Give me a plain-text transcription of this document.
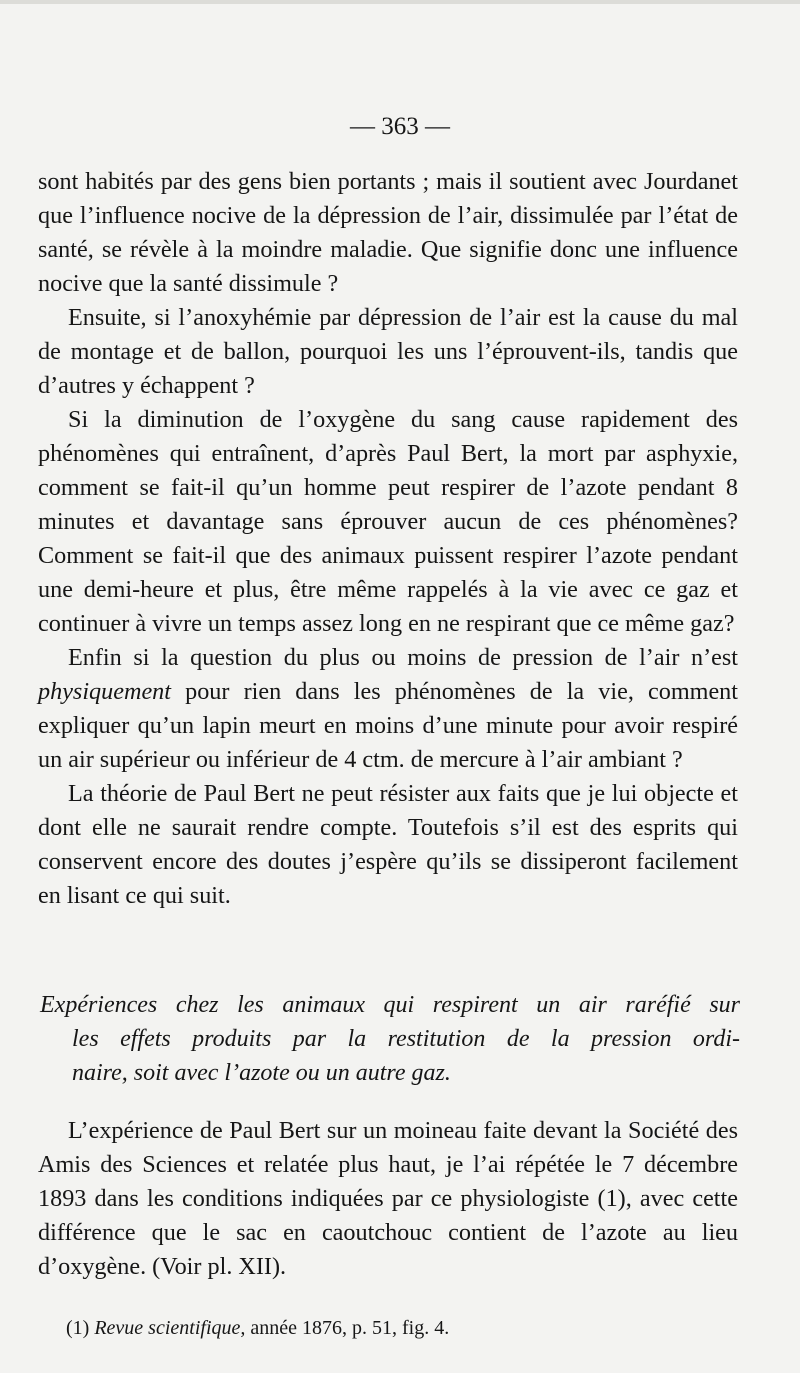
— 363 —

sont habités par des gens bien portants ; mais il soutient avec Jourdanet que l’influence nocive de la dépression de l’air, dissimulée par l’état de santé, se révèle à la moindre maladie. Que signifie donc une influence nocive que la santé dissimule ?

Ensuite, si l’anoxyhémie par dépression de l’air est la cause du mal de montage et de ballon, pourquoi les uns l’éprouvent-ils, tandis que d’autres y échappent ?

Si la diminution de l’oxygène du sang cause rapidement des phénomènes qui entraînent, d’après Paul Bert, la mort par asphyxie, comment se fait-il qu’un homme peut respirer de l’azote pendant 8 minutes et davantage sans éprouver aucun de ces phénomènes? Comment se fait-il que des animaux puissent respirer l’azote pendant une demi-heure et plus, être même rappelés à la vie avec ce gaz et continuer à vivre un temps assez long en ne respirant que ce même gaz?

Enfin si la question du plus ou moins de pression de l’air n’est physiquement pour rien dans les phénomènes de la vie, comment expliquer qu’un lapin meurt en moins d’une minute pour avoir respiré un air supérieur ou inférieur de 4 ctm. de mercure à l’air ambiant ?

La théorie de Paul Bert ne peut résister aux faits que je lui objecte et dont elle ne saurait rendre compte. Toutefois s’il est des esprits qui conservent encore des doutes j’espère qu’ils se dissiperont facilement en lisant ce qui suit.

Expériences chez les animaux qui respirent un air raréfié sur
les effets produits par la restitution de la pression ordi-
naire, soit avec l’azote ou un autre gaz.

L’expérience de Paul Bert sur un moineau faite devant la Société des Amis des Sciences et relatée plus haut, je l’ai répétée le 7 décembre 1893 dans les conditions indiquées par ce physiologiste (1), avec cette différence que le sac en caoutchouc contient de l’azote au lieu d’oxygène. (Voir pl. XII).

(1) Revue scientifique, année 1876, p. 51, fig. 4.
